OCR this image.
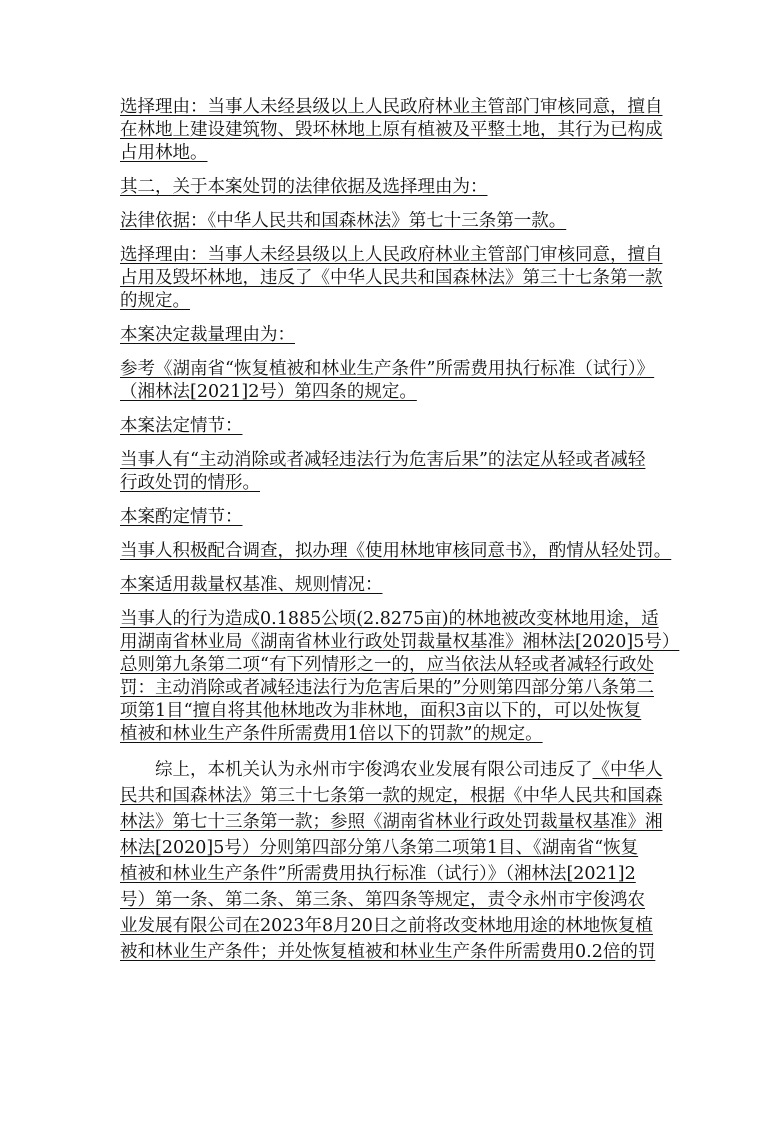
选择理由：当事人未经县级以上人民政府林业主管部门审核同意，擅自
在林地上建设建筑物、毁坏林地上原有植被及平整土地，其行为已构成
占用林地。
其二，关于本案处罚的法律依据及选择理由为：
法律依据：《中华人民共和国森林法》第七十三条第一款。
选择理由：当事人未经县级以上人民政府林业主管部门审核同意，擅自
占用及毁坏林地，违反了《中华人民共和国森林法》第三十七条第一款
的规定。
本案决定裁量理由为：
参考《湖南省“恢复植被和林业生产条件”所需费用执行标准（试行）》
（湘林法[2021]2号）第四条的规定。
本案法定情节：
当事人有“主动消除或者减轻违法行为危害后果”的法定从轻或者减轻
行政处罚的情形。
本案酌定情节：
当事人积极配合调查，拟办理《使用林地审核同意书》，酌情从轻处罚。
本案适用裁量权基准、规则情况：
当事人的行为造成0.1885公顷(2.8275亩)的林地被改变林地用途，适
用湖南省林业局《湖南省林业行政处罚裁量权基准》湘林法[2020]5号）
总则第九条第二项“有下列情形之一的，应当依法从轻或者减轻行政处
罚：主动消除或者减轻违法行为危害后果的”分则第四部分第八条第二
项第1目“擅自将其他林地改为非林地，面积3亩以下的，可以处恢复
植被和林业生产条件所需费用1倍以下的罚款”的规定。
　　综上，本机关认为永州市宇俊鸿农业发展有限公司违反了《中华人
民共和国森林法》第三十七条第一款的规定，根据《中华人民共和国森
林法》第七十三条第一款；参照《湖南省林业行政处罚裁量权基准》湘
林法[2020]5号）分则第四部分第八条第二项第1目、《湖南省“恢复
植被和林业生产条件”所需费用执行标准（试行）》（湘林法[2021]2
号）第一条、第二条、第三条、第四条等规定，责令永州市宇俊鸿农
业发展有限公司在2023年8月20日之前将改变林地用途的林地恢复植
被和林业生产条件；并处恢复植被和林业生产条件所需费用0.2倍的罚
